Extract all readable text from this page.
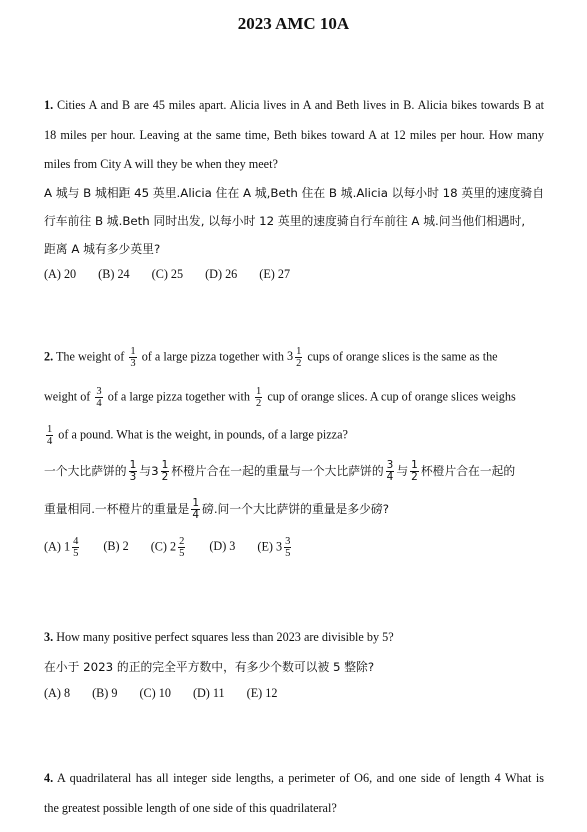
2023 AMC 10A
1. Cities A and B are 45 miles apart. Alicia lives in A and Beth lives in B. Alicia bikes towards B at
18 miles per hour. Leaving at the same time, Beth bikes toward A at 12 miles per hour. How many
miles from City A will they be when they meet?
A 城与 B 城相距 45 英里.Alicia 住在 A 城,Beth 住在 B 城.Alicia 以每小时 18 英里的速度骑自
行车前往 B 城.Beth 同时出发, 以每小时 12 英里的速度骑自行车前往 A 城.问当他们相遇时,
距离 A 城有多少英里?
(A) 20 (B) 24 (C) 25 (D) 26 (E) 27
2. The weight of $\frac{1}{3}$ of a large pizza together with $3 \frac{1}{2}$ cups of orange slices is the same as the
weight of $\frac{3}{4}$ of a large pizza together with $\frac{1}{2}$ cup of orange slices. A cup of orange slices weighs
$\frac{1}{4}$ of a pound. What is the weight, in pounds, of a large pizza?
一个大比萨饼的 $\frac{1}{3}$ 与$3 \frac{1}{2}$ 杯橙片合在一起的重量与一个大比萨饼的 $\frac{3}{4}$ 与 $\frac{1}{2}$ 杯橙片合在一起的
重量相同.一杯橙片的重量是 $\frac{1}{4}$ 磅.问一个大比萨饼的重量是多少磅?
(A) $1 \frac{4}{5} (B)$ 2 (C) $2 \frac{2}{5} (D)$ 3 (E) $3 \frac{3}{5}$
3. How many positive perfect squares less than 2023 are divisible by 5?
在小于 2023 的正的完全平方数中，有多少个数可以被 5 整除?
(A) 8 (B) 9 (C) 10 (D) 11 (E) 12
4. A quadrilateral has all integer side lengths, a perimeter of O6, and one side of length 4 What is
the greatest possible length of one side of this quadrilateral?
